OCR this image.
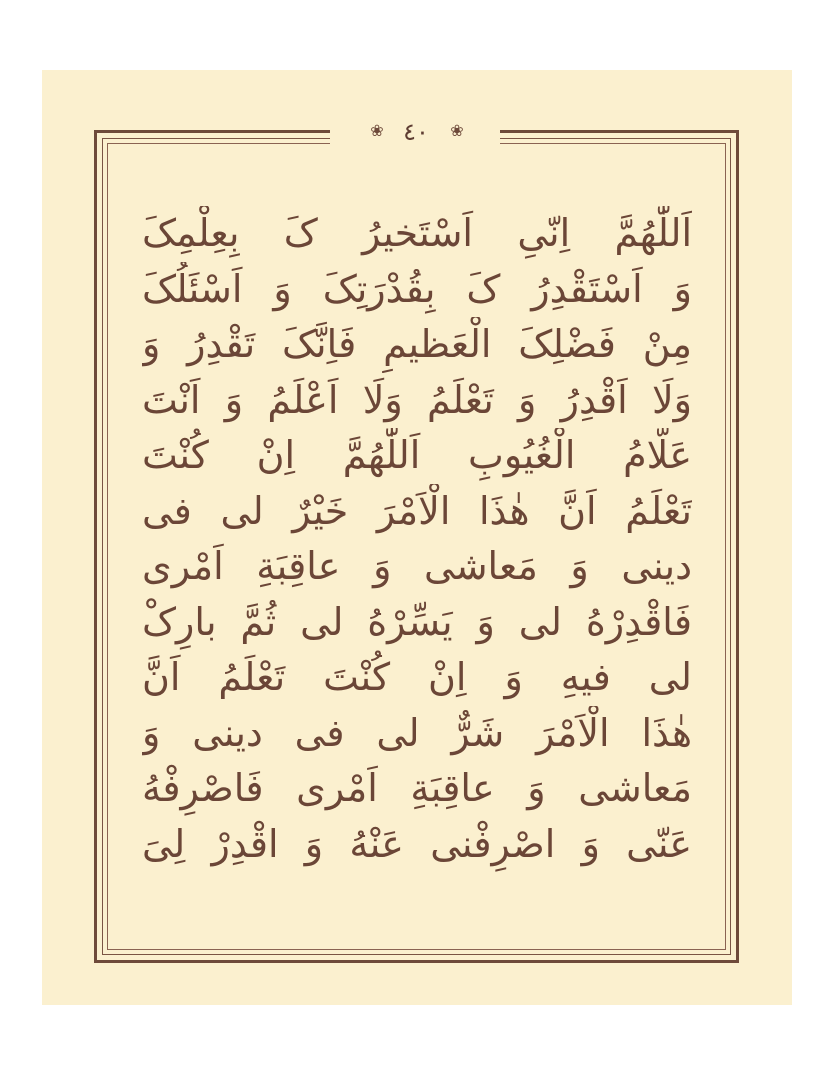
❀ ٤٠	❀
اَللّٰهُمَّ اِنّیِ اَسْتَخیرُ کَ بِعِلْمِکَ
وَ اَسْتَقْدِرُ کَ بِقُدْرَتِکَ وَ اَسْئَلُکَ
مِنْ فَضْلِکَ الْعَظیمِ فَاِنَّکَ تَقْدِرُ وَ
وَلَا اَقْدِرُ وَ تَعْلَمُ وَلَا اَعْلَمُ وَ اَنْتَ
عَلّامُ الْغُیُوبِ اَللّٰهُمَّ اِنْ کُنْتَ
تَعْلَمُ اَنَّ هٰذَا الْاَمْرَ خَیْرٌ لی فی
دینی وَ مَعاشی وَ عاقِبَةِ اَمْری
فَاقْدِرْهُ لی وَ یَسِّرْهُ لی ثُمَّ بارِکْ
لی فیهِ وَ اِنْ کُنْتَ تَعْلَمُ اَنَّ
هٰذَا الْاَمْرَ شَرٌّ لی فی دینی وَ
مَعاشی وَ عاقِبَةِ اَمْری فَاصْرِفْهُ
عَنّی وَ اصْرِفْنی عَنْهُ وَ اقْدِرْ لِیَ
